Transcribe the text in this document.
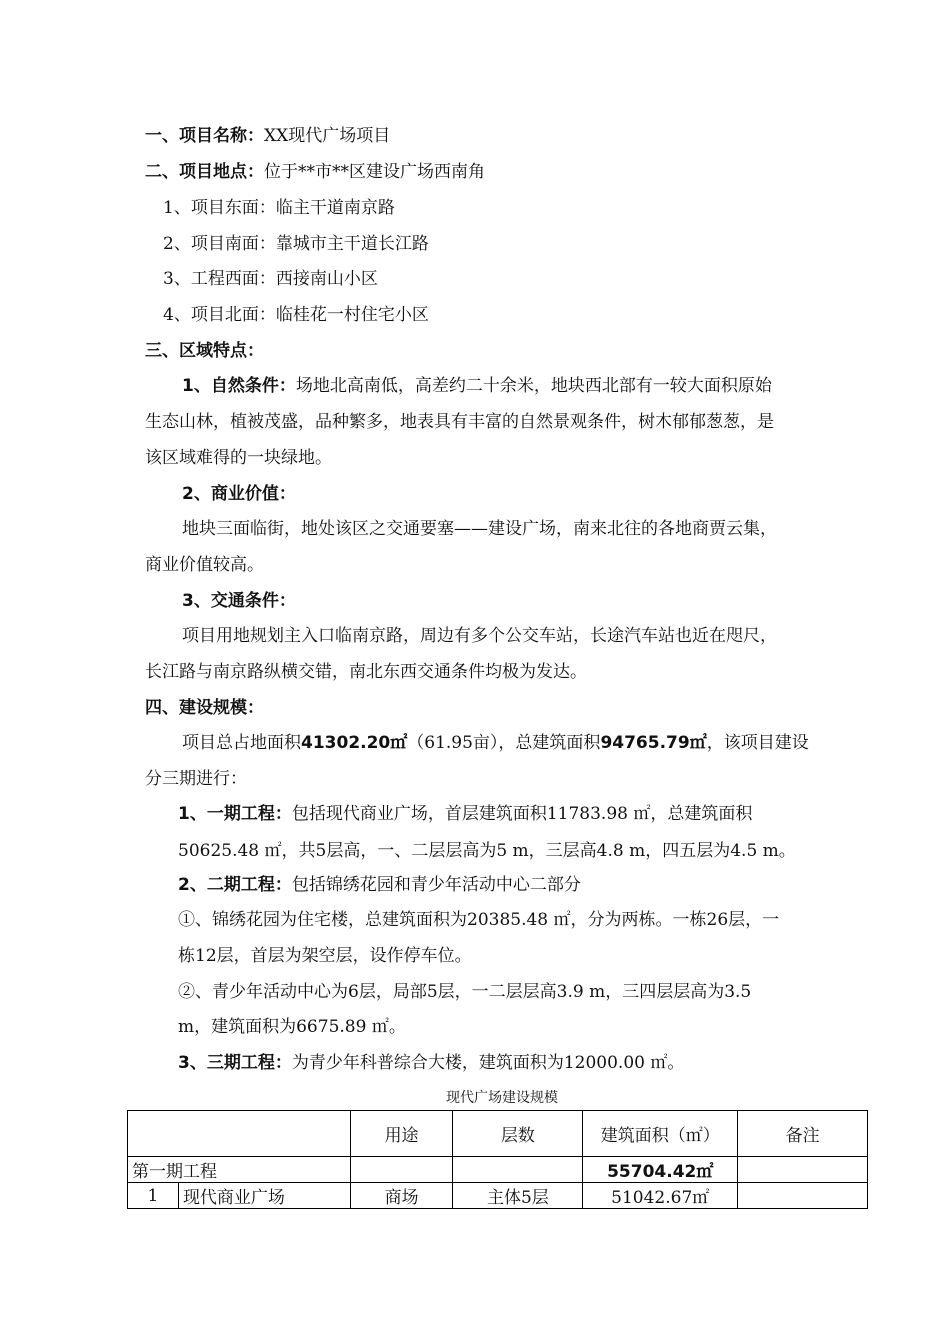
一、项目名称：XX现代广场项目
二、项目地点：位于**市**区建设广场西南角
1、项目东面：临主干道南京路
2、项目南面：靠城市主干道长江路
3、工程西面：西接南山小区
4、项目北面：临桂花一村住宅小区
三、区域特点：
1、自然条件：场地北高南低，高差约二十余米，地块西北部有一较大面积原始
生态山林，植被茂盛，品种繁多，地表具有丰富的自然景观条件，树木郁郁葱葱，是
该区域难得的一块绿地。
2、商业价值：
地块三面临街，地处该区之交通要塞——建设广场，南来北往的各地商贾云集，
商业价值较高。
3、交通条件：
项目用地规划主入口临南京路，周边有多个公交车站，长途汽车站也近在咫尺，
长江路与南京路纵横交错，南北东西交通条件均极为发达。
四、建设规模：
项目总占地面积41302.20㎡（61.95亩），总建筑面积94765.79㎡，该项目建设
分三期进行：
1、一期工程：包括现代商业广场，首层建筑面积11783.98 ㎡，总建筑面积
50625.48 ㎡，共5层高，一、二层层高为5 m，三层高4.8 m，四五层为4.5 m。
2、二期工程：包括锦绣花园和青少年活动中心二部分
①、锦绣花园为住宅楼，总建筑面积为20385.48 ㎡，分为两栋。一栋26层，一
栋12层，首层为架空层，设作停车位。
②、青少年活动中心为6层，局部5层，一二层层高3.9 m，三四层层高为3.5
m，建筑面积为6675.89 ㎡。
3、三期工程：为青少年科普综合大楼，建筑面积为12000.00 ㎡。
现代广场建设规模
		用途	层数	建筑面积（㎡）	备注
第一期工程				55704.42㎡	
1	现代商业广场	商场	主体5层	51042.67㎡	
